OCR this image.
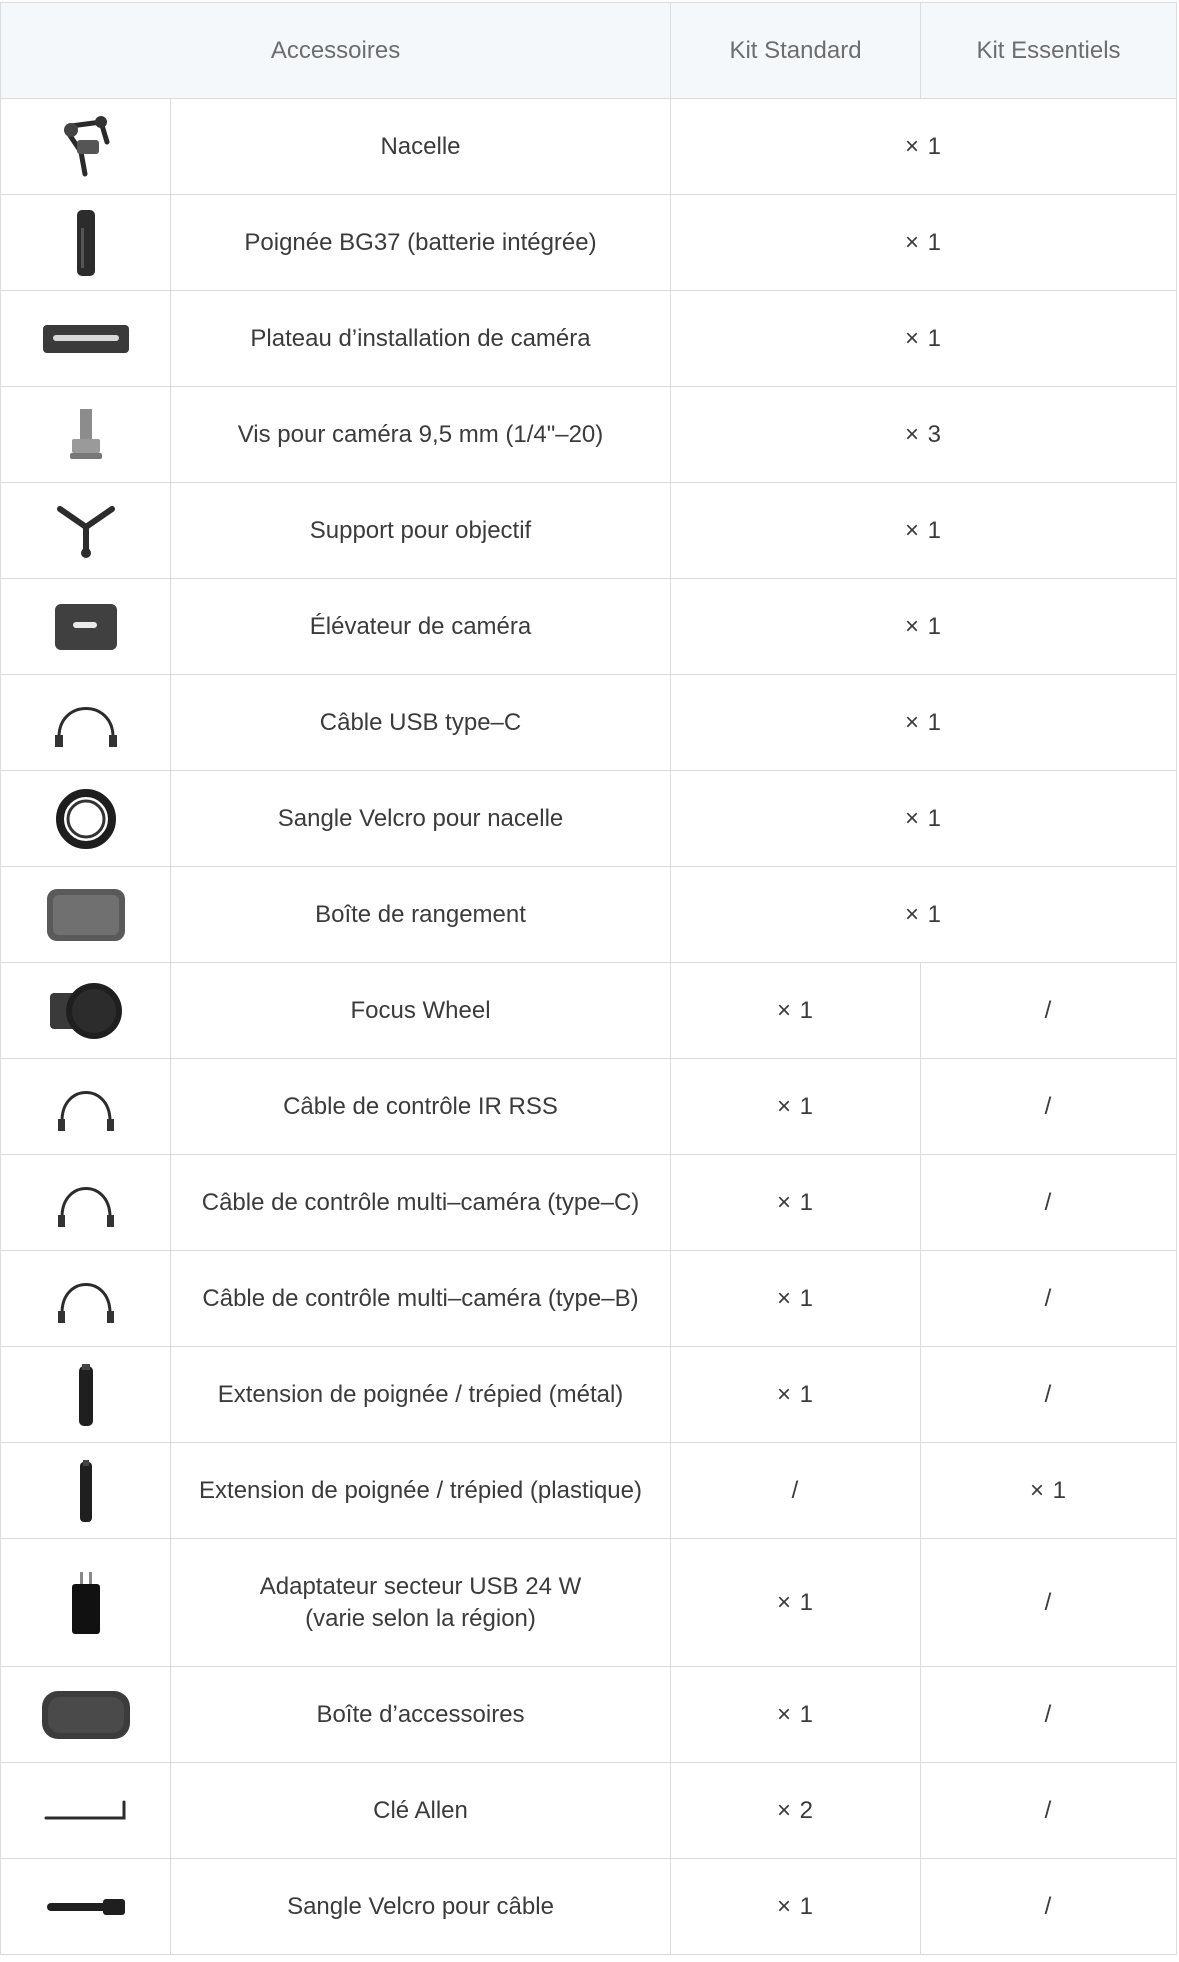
Accessoires		Kit Standard	Kit Essentiels

	Nacelle	× 1	

	Poignée BG37 (batterie intégrée)	× 1	

	Plateau d’installation de caméra	× 1	

	Vis pour caméra 9,5 mm (1/4"–20)	× 3	

	Support pour objectif	× 1	

	Élévateur de caméra	× 1	

	Câble USB type–C	× 1	

	Sangle Velcro pour nacelle	× 1	

	Boîte de rangement	× 1	

	Focus Wheel	× 1	/

	Câble de contrôle IR RSS	× 1	/

	Câble de contrôle multi–caméra (type–C)	× 1	/

	Câble de contrôle multi–caméra (type–B)	× 1	/

	Extension de poignée / trépied (métal)	× 1	/

	Extension de poignée / trépied (plastique)	/	× 1

Adaptateur secteur USB 24 W
(varie selon la région)	× 1	/

	Boîte d’accessoires	× 1	/

	Clé Allen	× 2	/

	Sangle Velcro pour câble	× 1	/
